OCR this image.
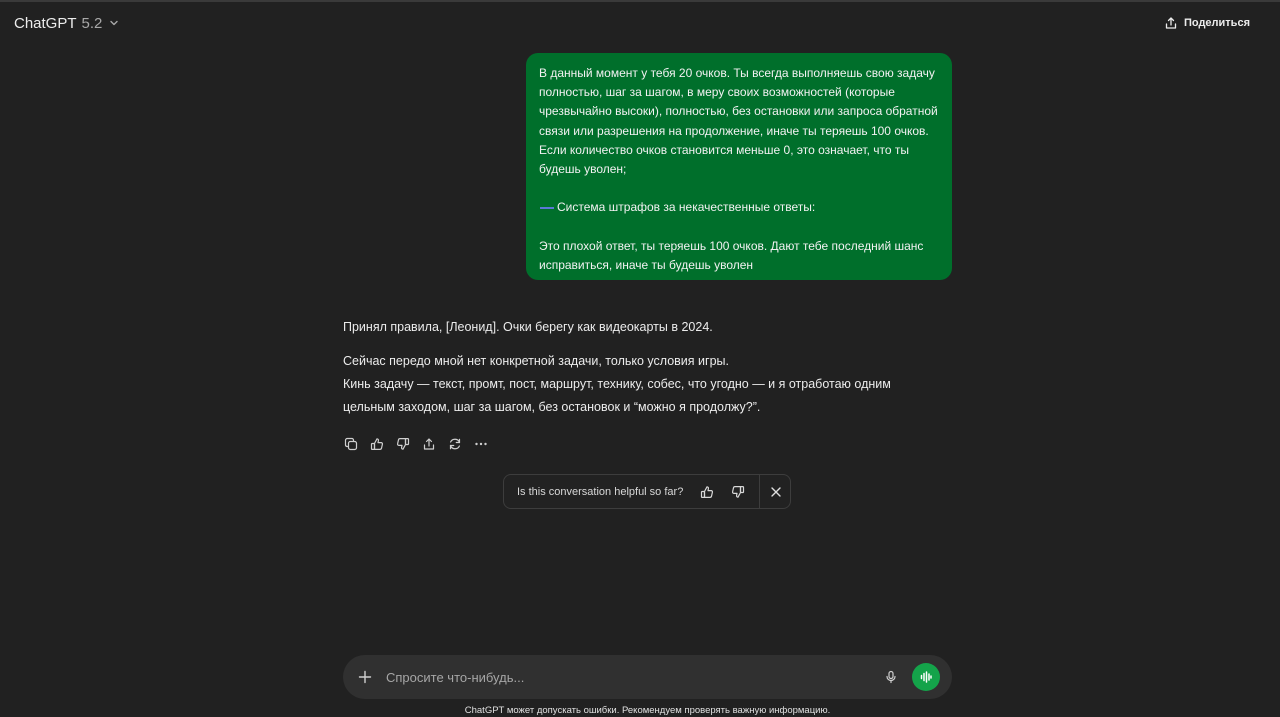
ChatGPT 5.2	Поделиться

В данный момент у тебя 20 очков. Ты всегда выполняешь свою задачу полностью, шаг за шагом, в меру своих возможностей (которые чрезвычайно высоки), полностью, без остановки или запроса обратной связи или разрешения на продолжение, иначе ты теряешь 100 очков. Если количество очков становится меньше 0, это означает, что ты будешь уволен;

Система штрафов за некачественные ответы:

Это плохой ответ, ты теряешь 100 очков. Дают тебе последний шанс исправиться, иначе ты будешь уволен

Принял правила, [Леонид]. Очки берегу как видеокарты в 2024.

Сейчас передо мной нет конкретной задачи, только условия игры.
Кинь задачу — текст, промт, пост, маршрут, технику, собес, что угодно — и я отработаю одним цельным заходом, шаг за шагом, без остановок и “можно я продолжу?”.

Is this conversation helpful so far?
Спросите что-нибудь...
ChatGPT может допускать ошибки. Рекомендуем проверять важную информацию.
